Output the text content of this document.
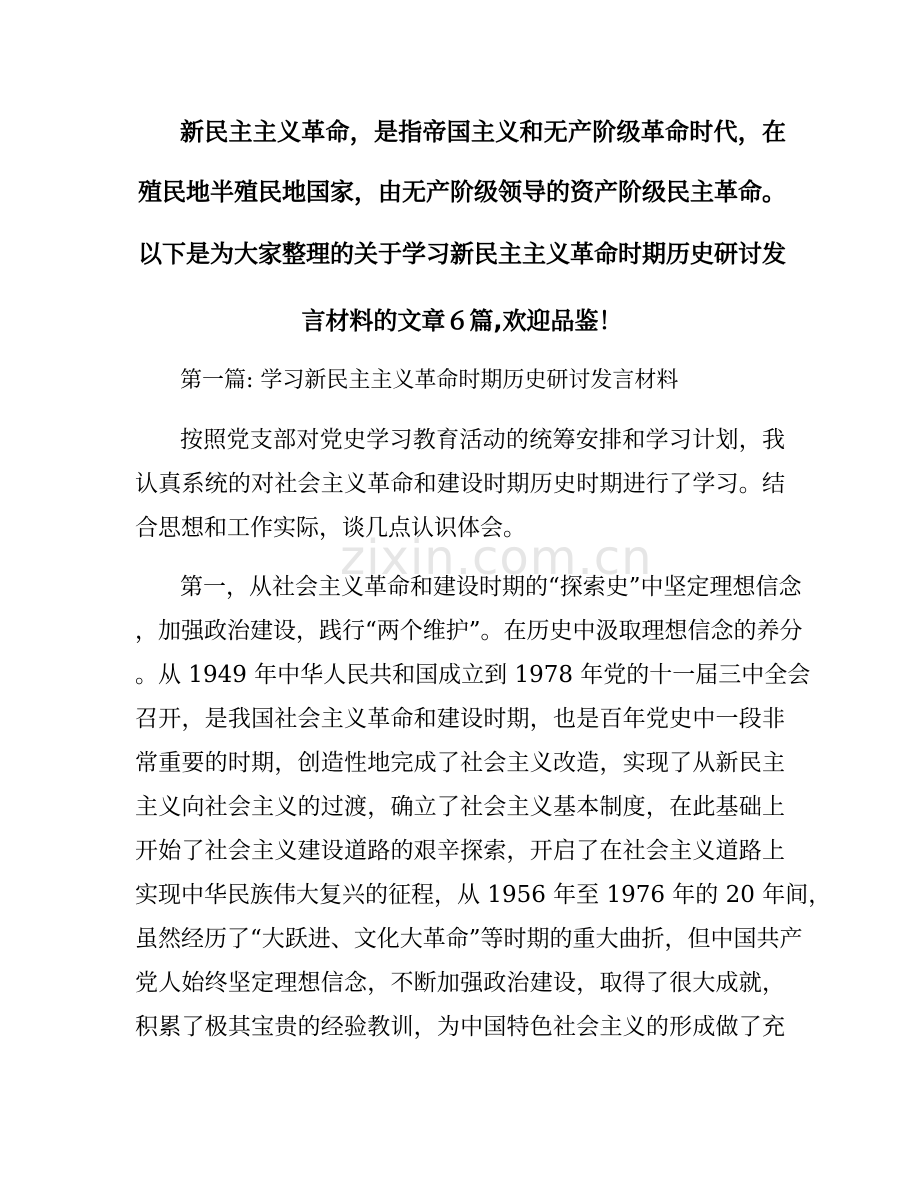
zixin.com.cn
新民主主义革命，是指帝国主义和无产阶级革命时代，在
殖民地半殖民地国家，由无产阶级领导的资产阶级民主革命。
以下是为大家整理的关于学习新民主主义革命时期历史研讨发
言材料的文章６篇,欢迎品鉴！
第一篇: 学习新民主主义革命时期历史研讨发言材料
按照党支部对党史学习教育活动的统筹安排和学习计划，我
认真系统的对社会主义革命和建设时期历史时期进行了学习。结
合思想和工作实际，谈几点认识体会。
第一，从社会主义革命和建设时期的“探索史”中坚定理想信念
，加强政治建设，践行“两个维护”。在历史中汲取理想信念的养分
。从 1949 年中华人民共和国成立到 1978 年党的十一届三中全会
召开，是我国社会主义革命和建设时期，也是百年党史中一段非
常重要的时期，创造性地完成了社会主义改造，实现了从新民主
主义向社会主义的过渡，确立了社会主义基本制度，在此基础上
开始了社会主义建设道路的艰辛探索，开启了在社会主义道路上
实现中华民族伟大复兴的征程，从 1956 年至 1976 年的 20 年间，
虽然经历了“大跃进、文化大革命”等时期的重大曲折，但中国共产
党人始终坚定理想信念，不断加强政治建设，取得了很大成就，
积累了极其宝贵的经验教训，为中国特色社会主义的形成做了充
